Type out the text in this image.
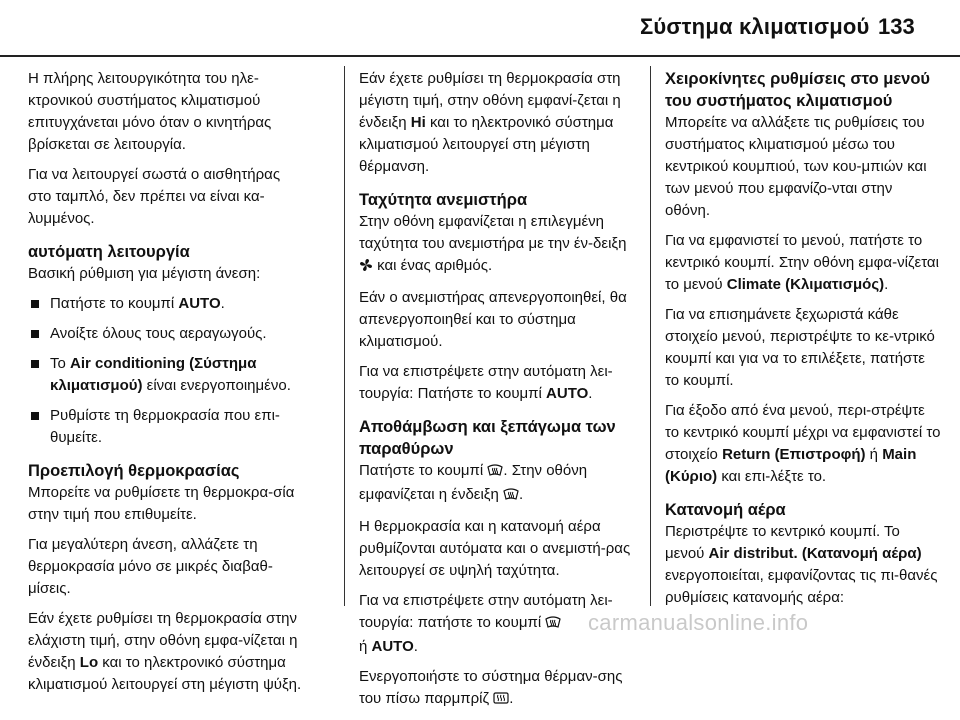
Σύστημα κλιματισμού 133

Η πλήρης λειτουργικότητα του ηλε-κτρονικού συστήματος κλιματισμού επιτυγχάνεται μόνο όταν ο κινητήρας βρίσκεται σε λειτουργία.

Για να λειτουργεί σωστά ο αισθητήρας στο ταμπλό, δεν πρέπει να είναι κα-λυμμένος.

αυτόματη λειτουργία

Βασική ρύθμιση για μέγιστη άνεση:

Πατήστε το κουμπί AUTO.
Ανοίξτε όλους τους αεραγωγούς.
Το Air conditioning (Σύστημα κλιματισμού) είναι ενεργοποιημένο.
Ρυθμίστε τη θερμοκρασία που επι-θυμείτε.
Προεπιλογή θερμοκρασίας

Μπορείτε να ρυθμίσετε τη θερμοκρα-σία στην τιμή που επιθυμείτε.

Για μεγαλύτερη άνεση, αλλάζετε τη θερμοκρασία μόνο σε μικρές διαβαθ-μίσεις.

Εάν έχετε ρυθμίσει τη θερμοκρασία στην ελάχιστη τιμή, στην οθόνη εμφα-νίζεται η ένδειξη Lo και το ηλεκτρονικό σύστημα κλιματισμού λειτουργεί στη μέγιστη ψύξη.

Εάν έχετε ρυθμίσει τη θερμοκρασία στη μέγιστη τιμή, στην οθόνη εμφανί-ζεται η ένδειξη Hi και το ηλεκτρονικό σύστημα κλιματισμού λειτουργεί στη μέγιστη θέρμανση.

Ταχύτητα ανεμιστήρα

Στην οθόνη εμφανίζεται η επιλεγμένη ταχύτητα του ανεμιστήρα με την έν-δειξη  και ένας αριθμός.

Εάν ο ανεμιστήρας απενεργοποιηθεί, θα απενεργοποιηθεί και το σύστημα κλιματισμού.

Για να επιστρέψετε στην αυτόματη λει-τουργία: Πατήστε το κουμπί AUTO.

Αποθάμβωση και ξεπάγωμα των παραθύρων

Πατήστε το κουμπί . Στην οθόνη εμφανίζεται η ένδειξη .

Η θερμοκρασία και η κατανομή αέρα ρυθμίζονται αυτόματα και ο ανεμιστή-ρας λειτουργεί σε υψηλή ταχύτητα.

Για να επιστρέψετε στην αυτόματη λει-τουργία: πατήστε το κουμπί
ή AUTO.

Ενεργοποιήστε το σύστημα θέρμαν-σης του πίσω παρμπρίζ .

Χειροκίνητες ρυθμίσεις στο μενού του συστήματος κλιματισμού

Μπορείτε να αλλάξετε τις ρυθμίσεις του συστήματος κλιματισμού μέσω του κεντρικού κουμπιού, των κου-μπιών και των μενού που εμφανίζο-νται στην οθόνη.

Για να εμφανιστεί το μενού, πατήστε το κεντρικό κουμπί. Στην οθόνη εμφα-νίζεται το μενού Climate (Κλιματισμός).

Για να επισημάνετε ξεχωριστά κάθε στοιχείο μενού, περιστρέψτε το κε-ντρικό κουμπί και για να το επιλέξετε, πατήστε το κουμπί.

Για έξοδο από ένα μενού, περι-στρέψτε το κεντρικό κουμπί μέχρι να εμφανιστεί το στοιχείο Return (Επιστροφή) ή Main (Κύριο) και επι-λέξτε το.

Κατανομή αέρα

Περιστρέψτε το κεντρικό κουμπί. Το μενού Air distribut. (Κατανομή αέρα) ενεργοποιείται, εμφανίζοντας τις πι-θανές ρυθμίσεις κατανομής αέρα:

carmanualsonline.info
